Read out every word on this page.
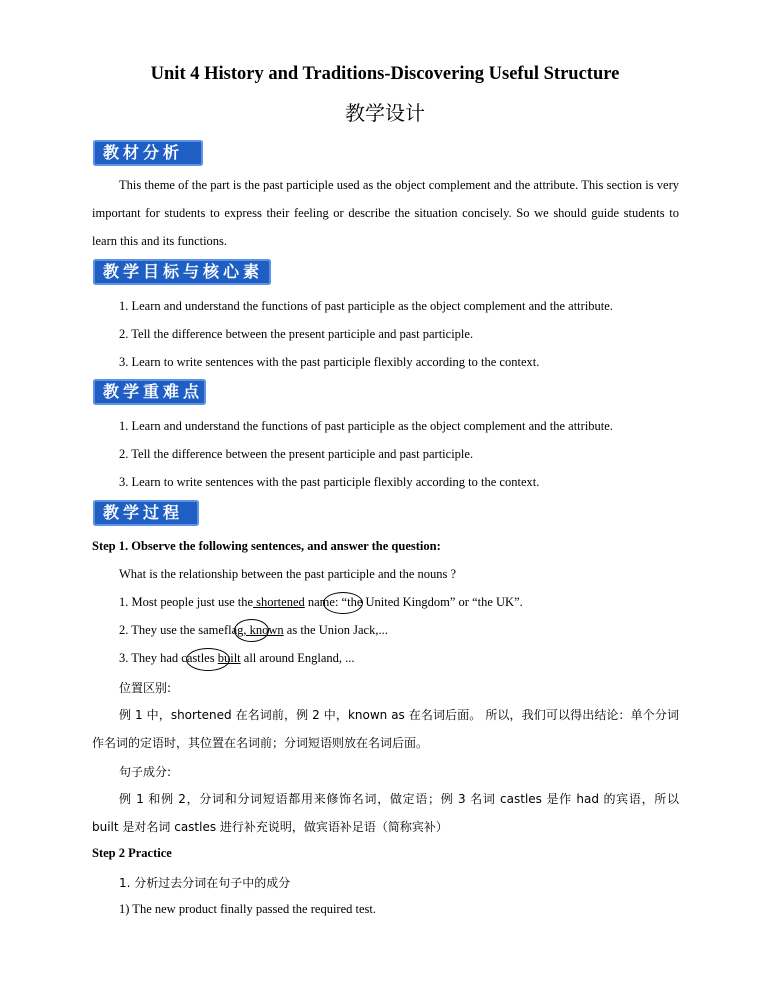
Unit 4 History and Traditions-Discovering Useful Structure
教学设计
教材分析
This theme of the part is the past participle used as the object complement and the attribute. This section is very important for students to express their feeling or describe the situation concisely. So we should guide students to learn this and its functions.
教学目标与核心素养
1. Learn and understand the functions of past participle as the object complement and the attribute.
2. Tell the difference between the present participle and past participle.
3. Learn to write sentences with the past participle flexibly according to the context.
教学重难点
1. Learn and understand the functions of past participle as the object complement and the attribute.
2. Tell the difference between the present participle and past participle.
3. Learn to write sentences with the past participle flexibly according to the context.
教学过程
Step 1. Observe the following sentences, and answer the question:
What is the relationship between the past participle and the nouns ?
1. Most people just use the shortened name: “the United Kingdom” or “the UK”.
2. They use the sameflag, known as the Union Jack,...
3. They had castles built all around England, ...
位置区别:
例 1 中，shortened 在名词前，例 2 中，known as 在名词后面。 所以，我们可以得出结论：单个分词作名词的定语时，其位置在名词前；分词短语则放在名词后面。
句子成分:
例 1 和例 2，分词和分词短语都用来修饰名词，做定语；例 3 名词 castles 是作 had 的宾语，所以 built 是对名词 castles 进行补充说明，做宾语补足语（简称宾补）
Step 2 Practice
1. 分析过去分词在句子中的成分
1) The new product finally passed the required test.
